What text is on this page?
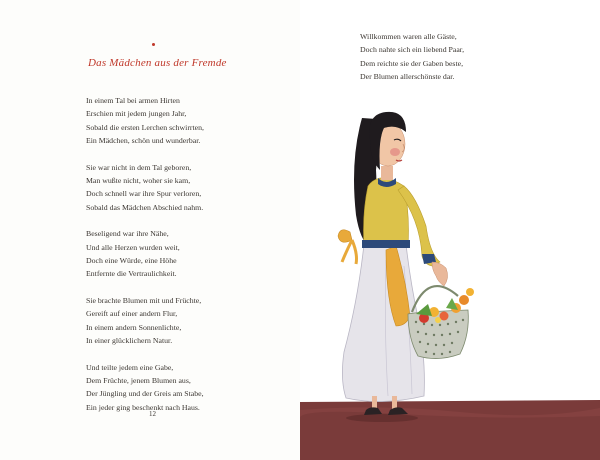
Das Mädchen aus der Fremde
In einem Tal bei armen Hirten
Erschien mit jedem jungen Jahr,
Sobald die ersten Lerchen schwirrten,
Ein Mädchen, schön und wunderbar.
Sie war nicht in dem Tal geboren,
Man wußte nicht, woher sie kam,
Doch schnell war ihre Spur verloren,
Sobald das Mädchen Abschied nahm.
Beseligend war ihre Nähe,
Und alle Herzen wurden weit,
Doch eine Würde, eine Höhe
Entfernte die Vertraulichkeit.
Sie brachte Blumen mit und Früchte,
Gereift auf einer andern Flur,
In einem andern Sonnenlichte,
In einer glücklichern Natur.
Und teilte jedem eine Gabe,
Dem Früchte, jenem Blumen aus,
Der Jüngling und der Greis am Stabe,
Ein jeder ging beschenkt nach Haus.
12
Willkommen waren alle Gäste,
Doch nahte sich ein liebend Paar,
Dem reichte sie der Gaben beste,
Der Blumen allerschönste dar.
